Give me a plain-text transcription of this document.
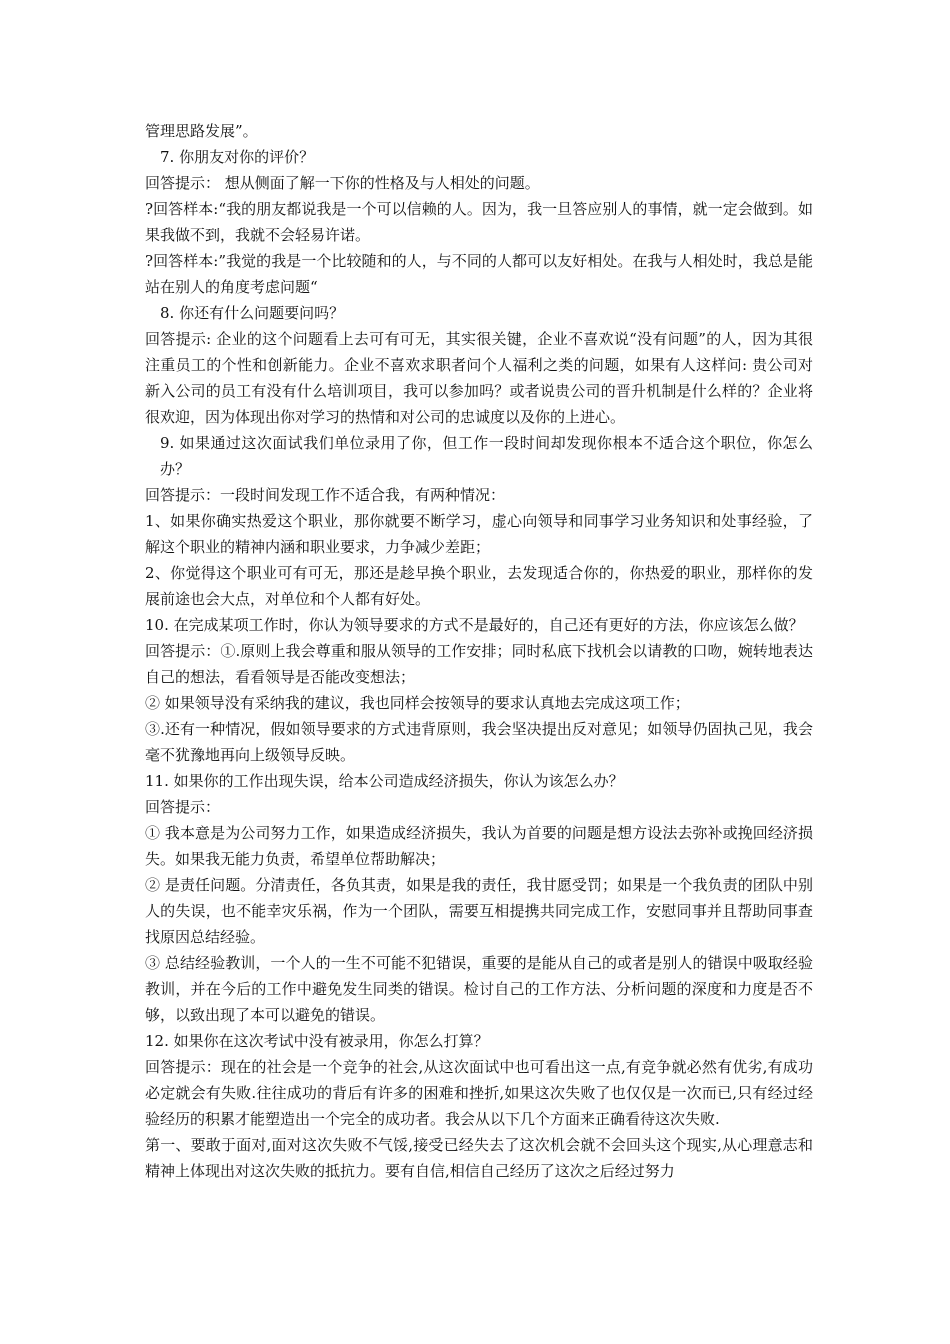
管理思路发展”。

7. 你朋友对你的评价？

回答提示： 想从侧面了解一下你的性格及与人相处的问题。

?回答样本:“我的朋友都说我是一个可以信赖的人。因为，我一旦答应别人的事情，就一定会做到。如果我做不到，我就不会轻易许诺。

?回答样本:”我觉的我是一个比较随和的人，与不同的人都可以友好相处。在我与人相处时，我总是能站在别人的角度考虑问题“

8. 你还有什么问题要问吗？

回答提示: 企业的这个问题看上去可有可无，其实很关键，企业不喜欢说“没有问题”的人，因为其很注重员工的个性和创新能力。企业不喜欢求职者问个人福利之类的问题，如果有人这样问: 贵公司对新入公司的员工有没有什么培训项目，我可以参加吗？或者说贵公司的晋升机制是什么样的？企业将很欢迎，因为体现出你对学习的热情和对公司的忠诚度以及你的上进心。

9. 如果通过这次面试我们单位录用了你，但工作一段时间却发现你根本不适合这个职位，你怎么办？

回答提示：一段时间发现工作不适合我，有两种情况：

1、如果你确实热爱这个职业，那你就要不断学习，虚心向领导和同事学习业务知识和处事经验，了解这个职业的精神内涵和职业要求，力争减少差距；

2、你觉得这个职业可有可无，那还是趁早换个职业，去发现适合你的，你热爱的职业，那样你的发展前途也会大点，对单位和个人都有好处。

10. 在完成某项工作时，你认为领导要求的方式不是最好的，自己还有更好的方法，你应该怎么做？

回答提示：①.原则上我会尊重和服从领导的工作安排；同时私底下找机会以请教的口吻，婉转地表达自己的想法，看看领导是否能改变想法；

② 如果领导没有采纳我的建议，我也同样会按领导的要求认真地去完成这项工作；

③.还有一种情况，假如领导要求的方式违背原则，我会坚决提出反对意见；如领导仍固执己见，我会毫不犹豫地再向上级领导反映。

11. 如果你的工作出现失误，给本公司造成经济损失，你认为该怎么办？

回答提示：

① 我本意是为公司努力工作，如果造成经济损失，我认为首要的问题是想方设法去弥补或挽回经济损失。如果我无能力负责，希望单位帮助解决；

② 是责任问题。分清责任，各负其责，如果是我的责任，我甘愿受罚；如果是一个我负责的团队中别人的失误，也不能幸灾乐祸，作为一个团队，需要互相提携共同完成工作，安慰同事并且帮助同事查找原因总结经验。

③ 总结经验教训，一个人的一生不可能不犯错误，重要的是能从自己的或者是别人的错误中吸取经验教训，并在今后的工作中避免发生同类的错误。检讨自己的工作方法、分析问题的深度和力度是否不够，以致出现了本可以避免的错误。

12. 如果你在这次考试中没有被录用，你怎么打算？

回答提示：现在的社会是一个竞争的社会,从这次面试中也可看出这一点,有竞争就必然有优劣,有成功必定就会有失败.往往成功的背后有许多的困难和挫折,如果这次失败了也仅仅是一次而已,只有经过经验经历的积累才能塑造出一个完全的成功者。我会从以下几个方面来正确看待这次失败.

第一、要敢于面对,面对这次失败不气馁,接受已经失去了这次机会就不会回头这个现实,从心理意志和精神上体现出对这次失败的抵抗力。要有自信,相信自己经历了这次之后经过努力
